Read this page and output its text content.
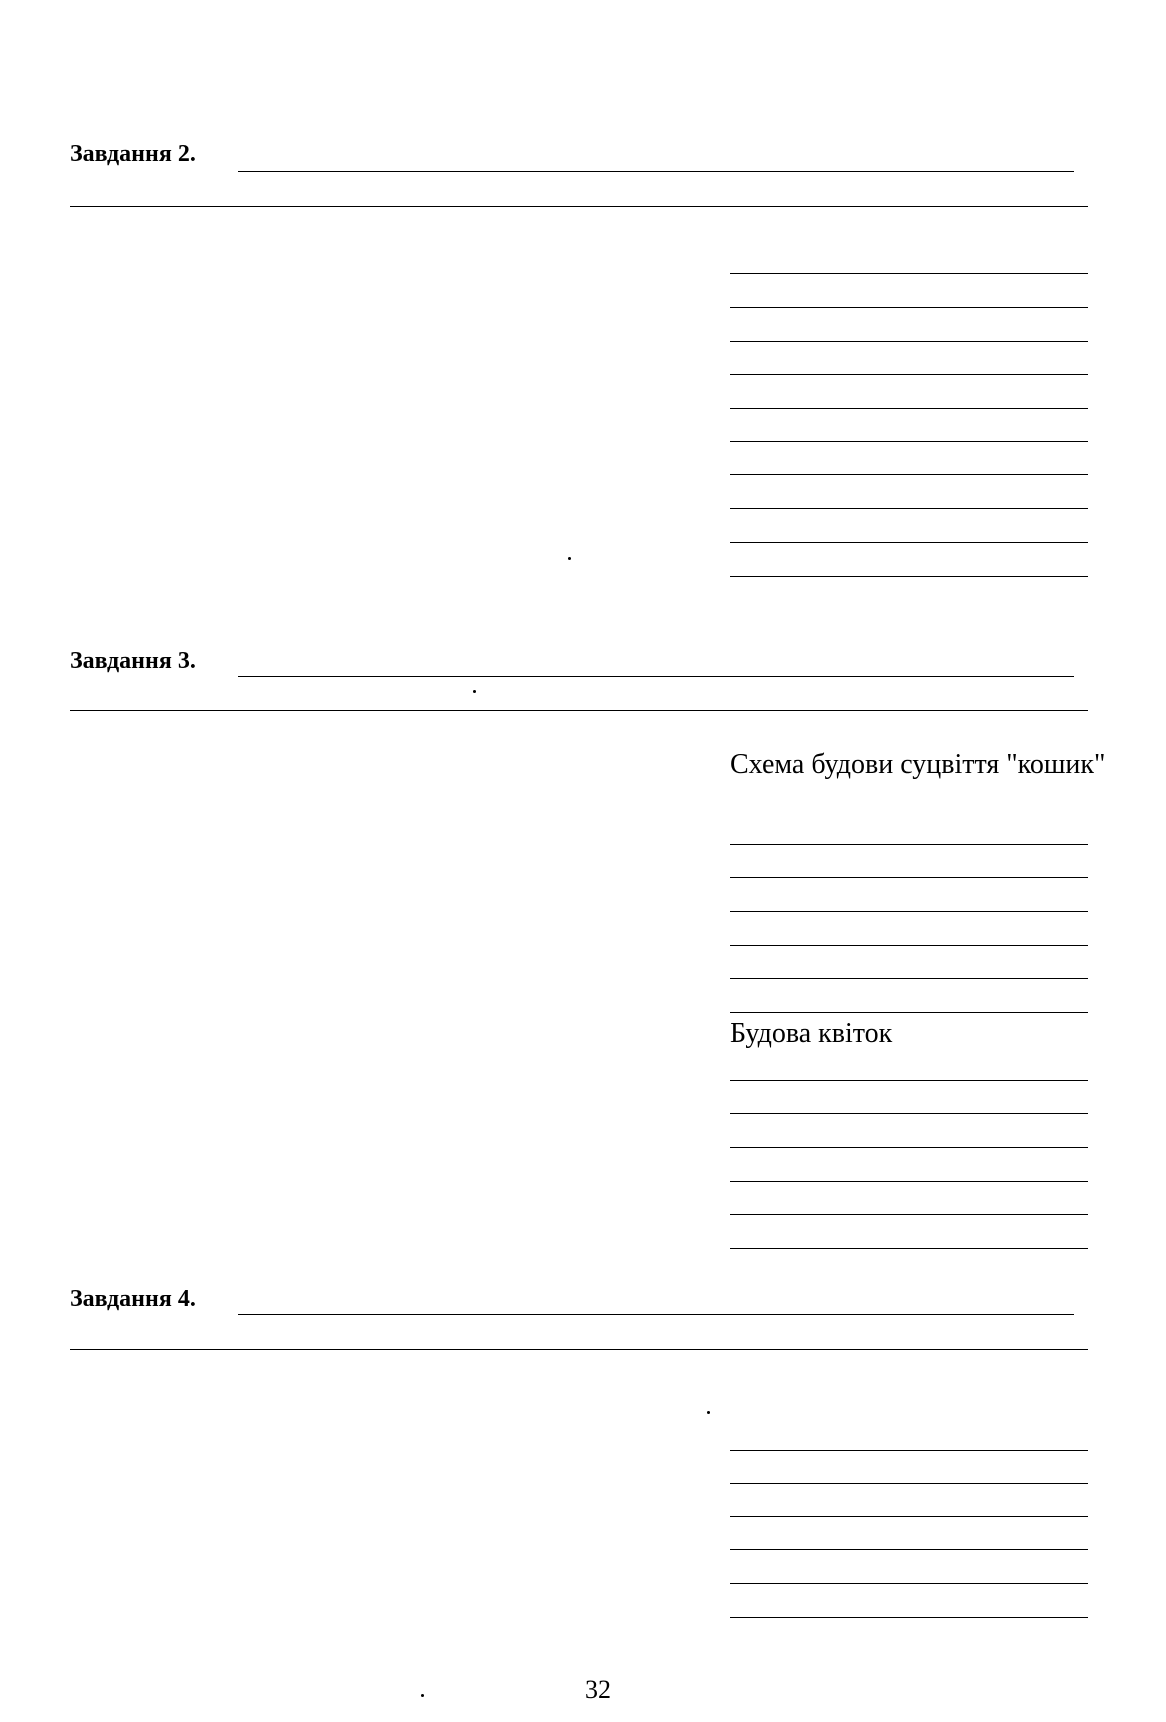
Завдання 2.
Завдання 3.
Схема будови суцвіття "кошик"
Будова квіток
Завдання 4.
32
